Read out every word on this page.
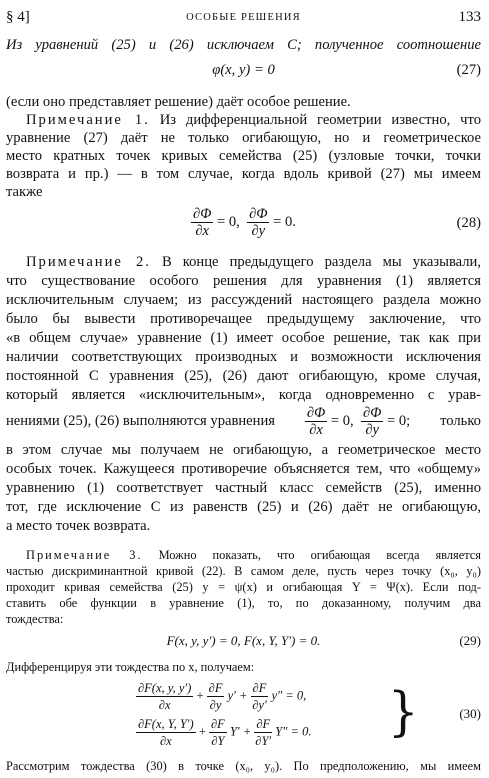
§ 4]	ОСОБЫЕ РЕШЕНИЯ	133
Из уравнений (25) и (26) исключаем C; полученное соотношение
φ(x, y) = 0	(27)
(если оно представляет решение) даёт особое решение.
Примечание 1. Из дифференциальной геометрии известно, что
уравнение (27) даёт не только огибающую, но и геометрическое
место кратных точек кривых семейства (25) (узловые точки, точки
возврата и пр.) — в том случае, когда вдоль кривой (27) мы имеем
также
$\frac{\partial\Phi}{\partial x} = 0$, $\frac{\partial\Phi}{\partial y} = 0$.	(28)
Примечание 2. В конце предыдущего раздела мы указывали,
что существование особого решения для уравнения (1) является
исключительным случаем; из рассуждений настоящего раздела можно
было бы вывести противоречащее предыдущему заключение, что
«в общем случае» уравнение (1) имеет особое решение, так как при
наличии соответствующих производных и возможности исключения
постоянной C уравнения (25), (26) дают огибающую, кроме случая,
который является «исключительным», когда одновременно с урав-
нениями (25), (26) выполняются уравнения $\frac{\partial\Phi}{\partial x} = 0$, $\frac{\partial\Phi}{\partial y} = 0$; только
в этом случае мы получаем не огибающую, а геометрическое место
особых точек. Кажущееся противоречие объясняется тем, что «общему»
уравнению (1) соответствует частный класс семейств (25), именно
тот, где исключение C из равенств (25) и (26) даёт не огибающую,
а место точек возврата.
Примечание 3. Можно показать, что огибающая всегда является
частью дискриминантной кривой (22). В самом деле, пусть через точку (x₀, y₀)
проходит кривая семейства (25) y = ψ(x) и огибающая Y = Ψ(x). Если под-
ставить обе функции в уравнение (1), то, по доказанному, получим два
тождества:
F(x, y, y′) = 0, F(x, Y, Y′) = 0.	(29)
Дифференцируя эти тождества по x, получаем:
$\frac{\partial F(x, y, y')}{\partial x} + \frac{\partial F}{\partial y} y' + \frac{\partial F}{\partial y'} y'' = 0$,
$\frac{\partial F(x, Y, Y')}{\partial x} + \frac{\partial F}{\partial Y} Y' + \frac{\partial F}{\partial Y'} Y'' = 0$. }	(30)
Рассмотрим тождества (30) в точке (x₀, y₀). По предположению, мы имеем
